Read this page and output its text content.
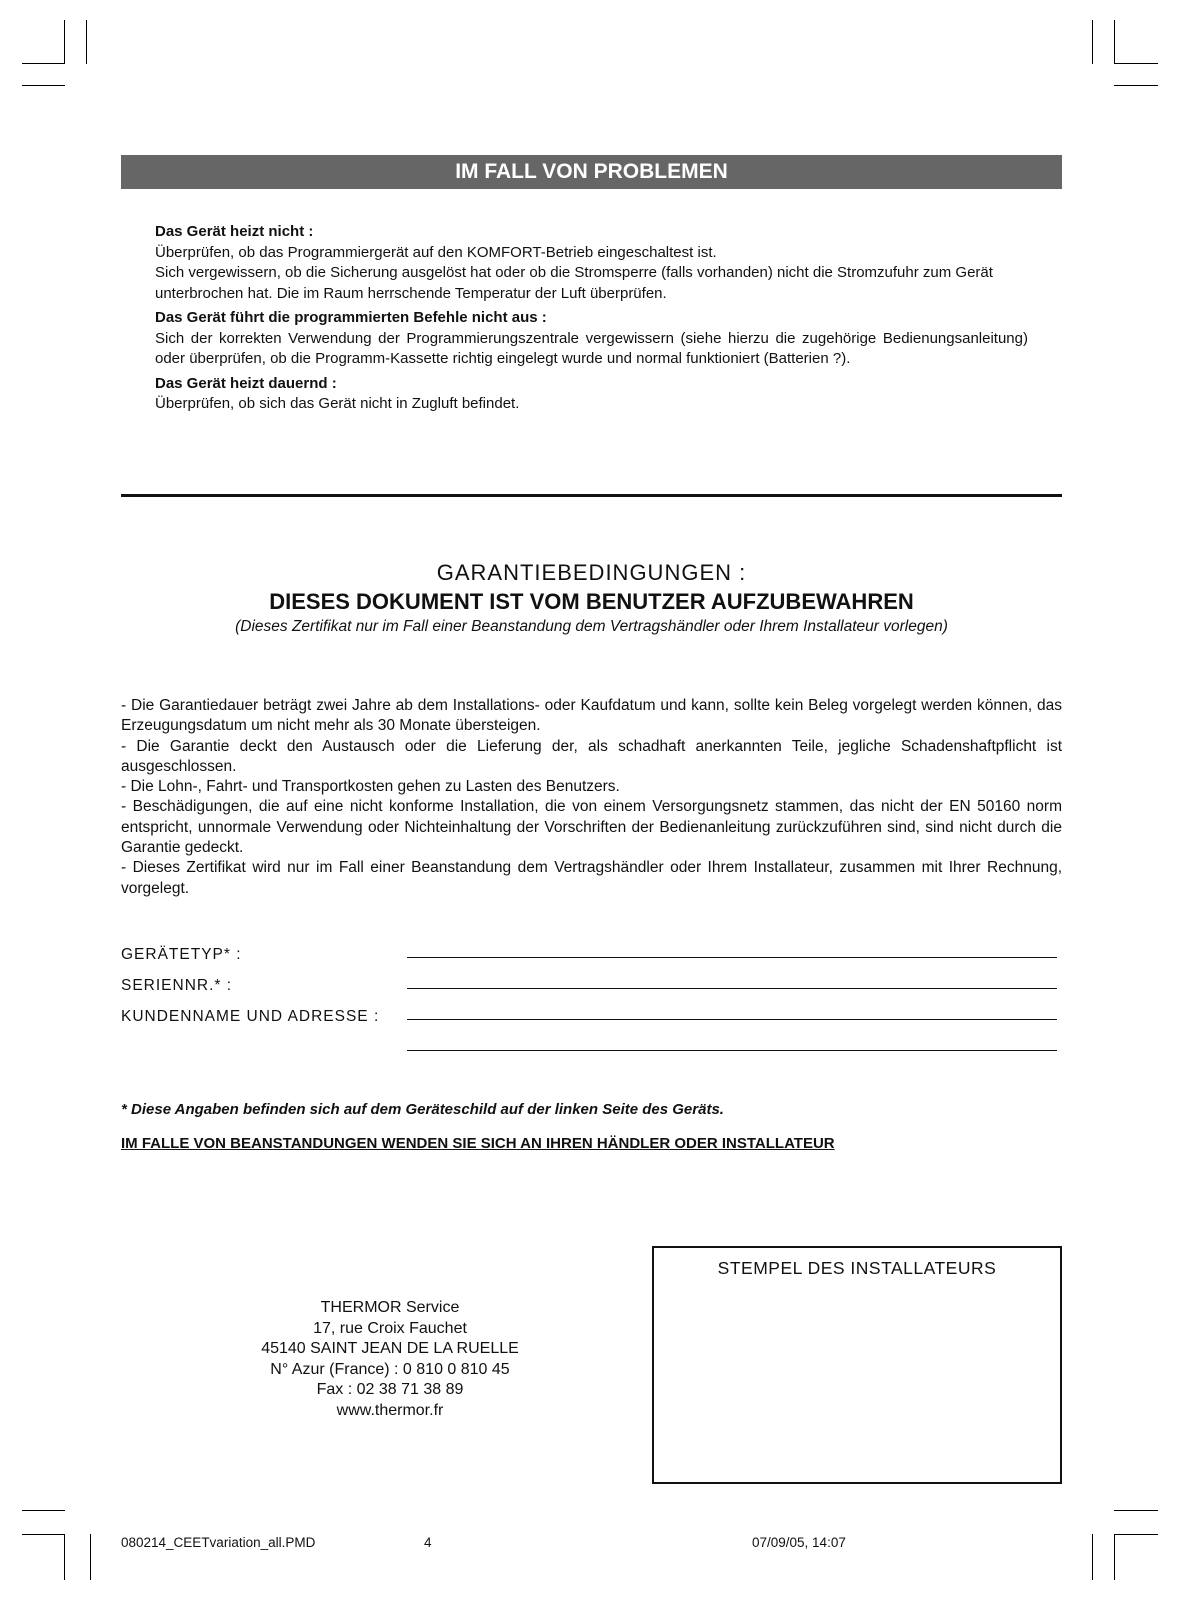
IM FALL VON PROBLEMEN

Das Gerät heizt nicht :

Überprüfen, ob das Programmiergerät auf den KOMFORT-Betrieb eingeschaltest ist.

Sich vergewissern, ob die Sicherung ausgelöst hat oder ob die Stromsperre (falls vorhanden) nicht die Stromzufuhr zum Gerät unterbrochen hat. Die im Raum herrschende Temperatur der Luft überprüfen.

Das Gerät führt die programmierten Befehle nicht aus :

Sich der korrekten Verwendung der Programmierungszentrale vergewissern (siehe hierzu die zugehörige Bedienungsanleitung) oder überprüfen, ob die Programm-Kassette richtig eingelegt wurde und normal funktioniert (Batterien ?).

Das Gerät heizt dauernd :

Überprüfen, ob sich das Gerät nicht in Zugluft befindet.

GARANTIEBEDINGUNGEN :
DIESES DOKUMENT IST VOM BENUTZER AUFZUBEWAHREN
(Dieses Zertifikat nur im Fall einer Beanstandung dem Vertragshändler oder Ihrem Installateur vorlegen)

- Die Garantiedauer beträgt zwei Jahre ab dem Installations- oder Kaufdatum und kann, sollte kein Beleg vorgelegt werden können, das Erzeugungsdatum um nicht mehr als 30 Monate übersteigen.

- Die Garantie deckt den Austausch oder die Lieferung der, als schadhaft anerkannten Teile, jegliche Schadenshaftpflicht ist ausgeschlossen.

- Die Lohn-, Fahrt- und Transportkosten gehen zu Lasten des Benutzers.

- Beschädigungen, die auf eine nicht konforme Installation, die von einem Versorgungsnetz stammen, das nicht der EN 50160 norm entspricht, unnormale Verwendung oder Nichteinhaltung der Vorschriften der Bedienanleitung zurückzuführen sind, sind nicht durch die Garantie gedeckt.

- Dieses Zertifikat wird nur im Fall einer Beanstandung dem Vertragshändler oder Ihrem Installateur, zusammen mit Ihrer Rechnung, vorgelegt.

GERÄTETYP* :
SERIENNR.* :
KUNDENNAME UND ADRESSE :
* Diese Angaben befinden sich auf dem Geräteschild auf der linken Seite des Geräts.
IM FALLE VON BEANSTANDUNGEN WENDEN SIE SICH AN IHREN HÄNDLER ODER INSTALLATEUR
THERMOR Service
17, rue Croix Fauchet
45140 SAINT JEAN DE LA RUELLE
N° Azur (France) : 0 810 0 810 45
Fax : 02 38 71 38 89
www.thermor.fr
STEMPEL DES INSTALLATEURS
080214_CEETvariation_all.PMD	4	07/09/05, 14:07
